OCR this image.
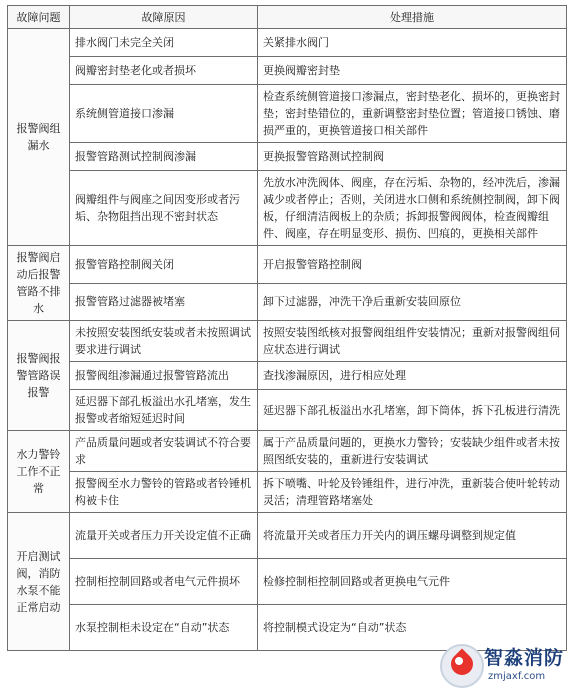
故障问题	故障原因	处理措施
报警阀组漏水	排水阀门未完全关闭	关紧排水阀门
	阀瓣密封垫老化或者损坏	更换阀瓣密封垫
	系统侧管道接口渗漏	检查系统侧管道接口渗漏点，密封垫老化、损坏的，更换密封垫；密封垫错位的，重新调整密封垫位置；管道接口锈蚀、磨损严重的，更换管道接口相关部件
	报警管路测试控制阀渗漏	更换报警管路测试控制阀
	阀瓣组件与阀座之间因变形或者污垢、杂物阻挡出现不密封状态	先放水冲洗阀体、阀座，存在污垢、杂物的，经冲洗后，渗漏减少或者停止；否则，关闭进水口侧和系统侧控制阀，卸下阀板，仔细清洁阀板上的杂质；拆卸报警阀阀体，检查阀瓣组件、阀座，存在明显变形、损伤、凹痕的，更换相关部件
报警阀启动后报警管路不排水	报警管路控制阀关闭	开启报警管路控制阀
	报警管路过滤器被堵塞	卸下过滤器，冲洗干净后重新安装回原位
报警阀报警管路误报警	未按照安装图纸安装或者未按照调试要求进行调试	按照安装图纸核对报警阀组组件安装情况；重新对报警阀组伺应状态进行调试
	报警阀组渗漏通过报警管路流出	查找渗漏原因，进行相应处理
	延迟器下部孔板溢出水孔堵塞，发生报警或者缩短延迟时间	延迟器下部孔板溢出水孔堵塞，卸下筒体，拆下孔板进行清洗
水力警铃工作不正常	产品质量问题或者安装调试不符合要求	属于产品质量问题的，更换水力警铃；安装缺少组件或者未按照图纸安装的，重新进行安装调试
	报警阀至水力警铃的管路或者铃锤机构被卡住	拆下喷嘴、叶轮及铃锤组件，进行冲洗，重新装合使叶轮转动灵活；清理管路堵塞处
开启测试阀，消防水泵不能正常启动	流量开关或者压力开关设定值不正确	将流量开关或者压力开关内的调压螺母调整到规定值
	控制柜控制回路或者电气元件损坏	检修控制柜控制回路或者更换电气元件
	水泵控制柜未设定在“自动”状态	将控制模式设定为“自动”状态
智淼消防
zmjaxf.com
